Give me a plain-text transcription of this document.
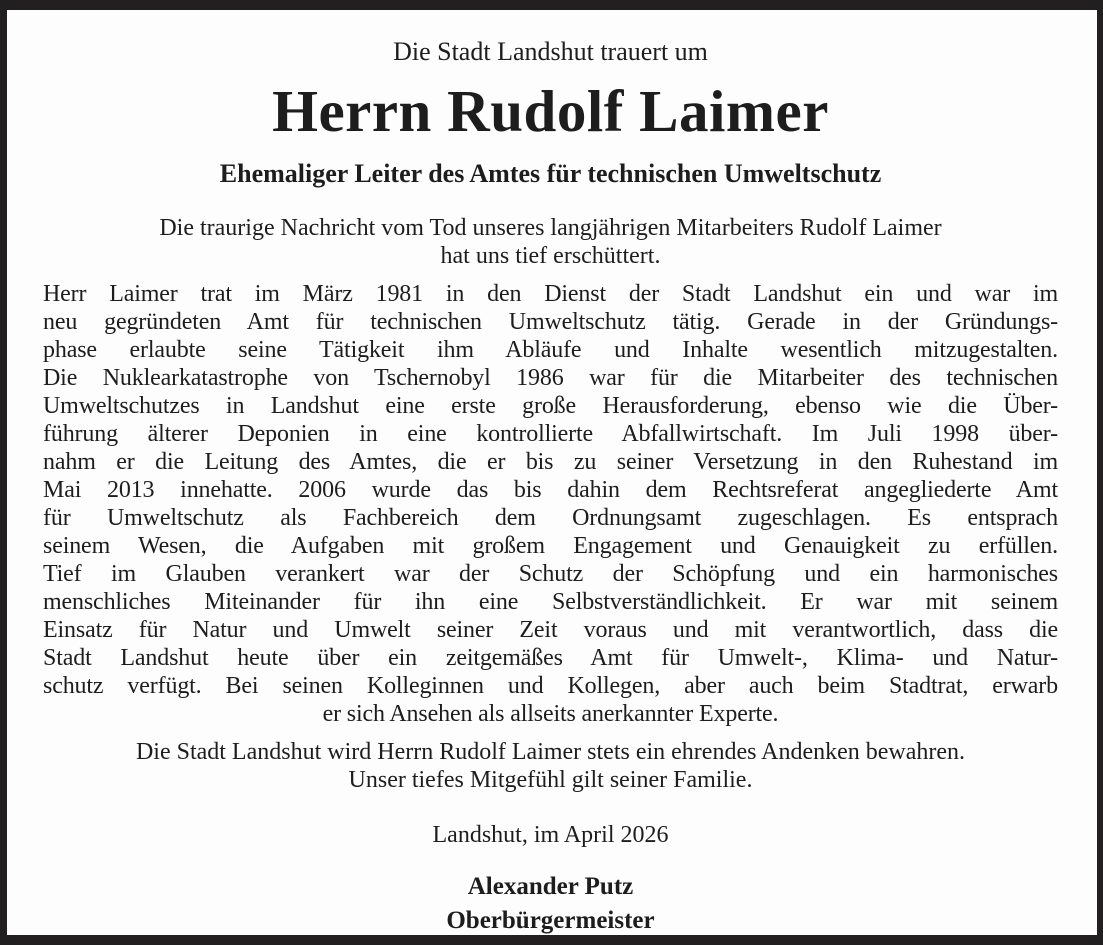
Die Stadt Landshut trauert um
Herrn Rudolf Laimer
Ehemaliger Leiter des Amtes für technischen Umweltschutz
Die traurige Nachricht vom Tod unseres langjährigen Mitarbeiters Rudolf Laimer
hat uns tief erschüttert.
Herr Laimer trat im März 1981 in den Dienst der Stadt Landshut ein und war im
neu gegründeten Amt für technischen Umweltschutz tätig. Gerade in der Gründungs-
phase erlaubte seine Tätigkeit ihm Abläufe und Inhalte wesentlich mitzugestalten.
Die Nuklearkatastrophe von Tschernobyl 1986 war für die Mitarbeiter des technischen
Umweltschutzes in Landshut eine erste große Herausforderung, ebenso wie die Über-
führung älterer Deponien in eine kontrollierte Abfallwirtschaft. Im Juli 1998 über-
nahm er die Leitung des Amtes, die er bis zu seiner Versetzung in den Ruhestand im
Mai 2013 innehatte. 2006 wurde das bis dahin dem Rechtsreferat angegliederte Amt
für Umweltschutz als Fachbereich dem Ordnungsamt zugeschlagen. Es entsprach
seinem Wesen, die Aufgaben mit großem Engagement und Genauigkeit zu erfüllen.
Tief im Glauben verankert war der Schutz der Schöpfung und ein harmonisches
menschliches Miteinander für ihn eine Selbstverständlichkeit. Er war mit seinem
Einsatz für Natur und Umwelt seiner Zeit voraus und mit verantwortlich, dass die
Stadt Landshut heute über ein zeitgemäßes Amt für Umwelt-, Klima- und Natur-
schutz verfügt. Bei seinen Kolleginnen und Kollegen, aber auch beim Stadtrat, erwarb
er sich Ansehen als allseits anerkannter Experte.
Die Stadt Landshut wird Herrn Rudolf Laimer stets ein ehrendes Andenken bewahren.
Unser tiefes Mitgefühl gilt seiner Familie.
Landshut, im April 2026
Alexander Putz
Oberbürgermeister
